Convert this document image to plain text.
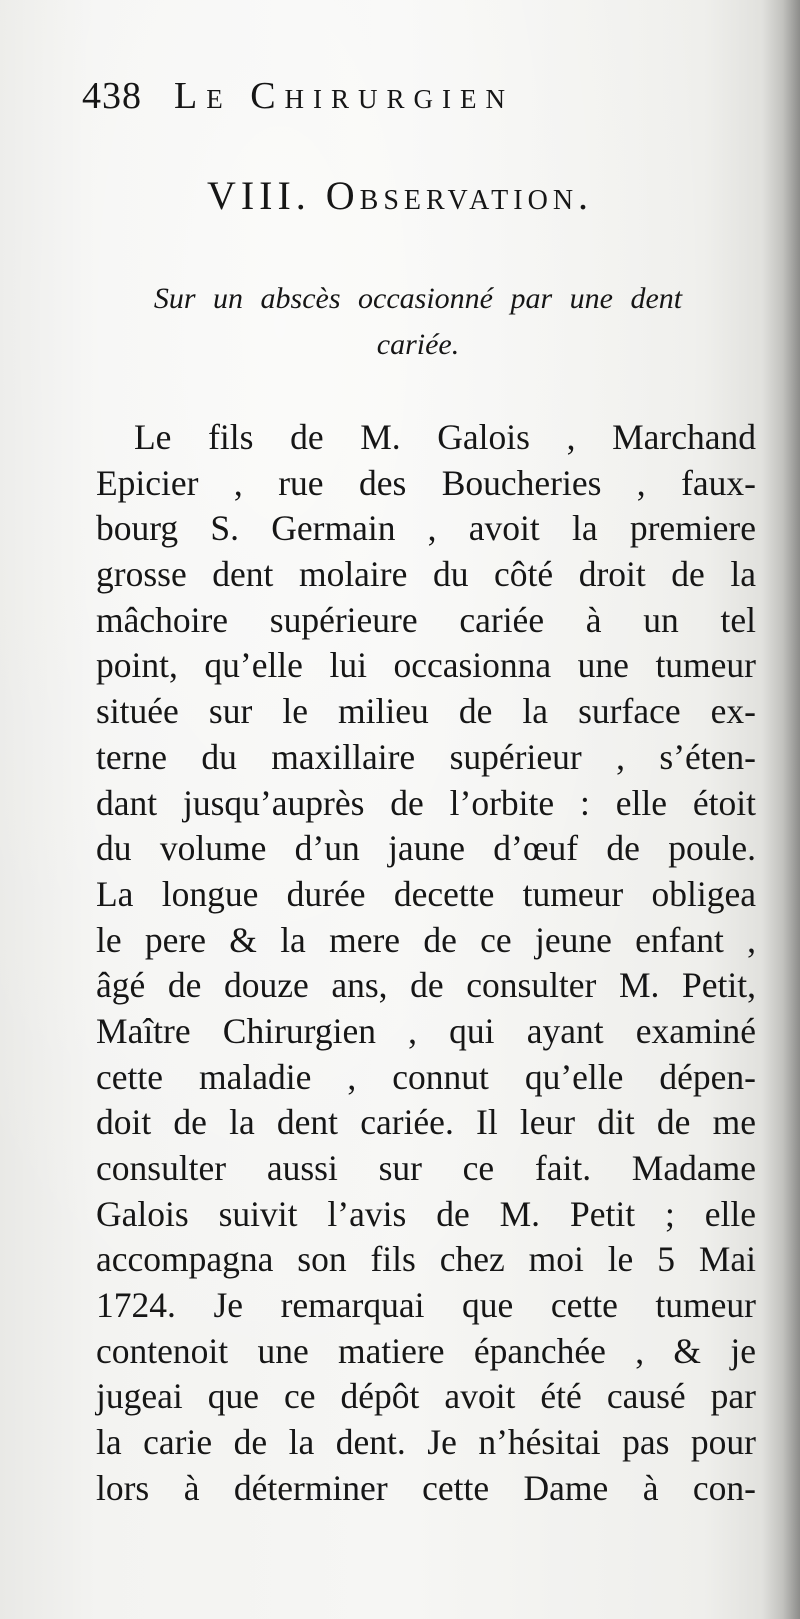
438 Le Chirurgien
VIII. Observation.
Sur un abscès occasionné par une dent
cariée.
Le fils de M. Galois , Marchand
Epicier , rue des Boucheries , faux-
bourg S. Germain , avoit la premiere
grosse dent molaire du côté droit de la
mâchoire supérieure cariée à un tel
point, qu’elle lui occasionna une tumeur
située sur le milieu de la surface ex-
terne du maxillaire supérieur , s’éten-
dant jusqu’auprès de l’orbite : elle étoit
du volume d’un jaune d’œuf de poule.
La longue durée decette tumeur obligea
le pere & la mere de ce jeune enfant ,
âgé de douze ans, de consulter M. Petit,
Maître Chirurgien , qui ayant examiné
cette maladie , connut qu’elle dépen-
doit de la dent cariée. Il leur dit de me
consulter aussi sur ce fait. Madame
Galois suivit l’avis de M. Petit ; elle
accompagna son fils chez moi le 5 Mai
1724. Je remarquai que cette tumeur
contenoit une matiere épanchée , & je
jugeai que ce dépôt avoit été causé par
la carie de la dent. Je n’hésitai pas pour
lors à déterminer cette Dame à con-
